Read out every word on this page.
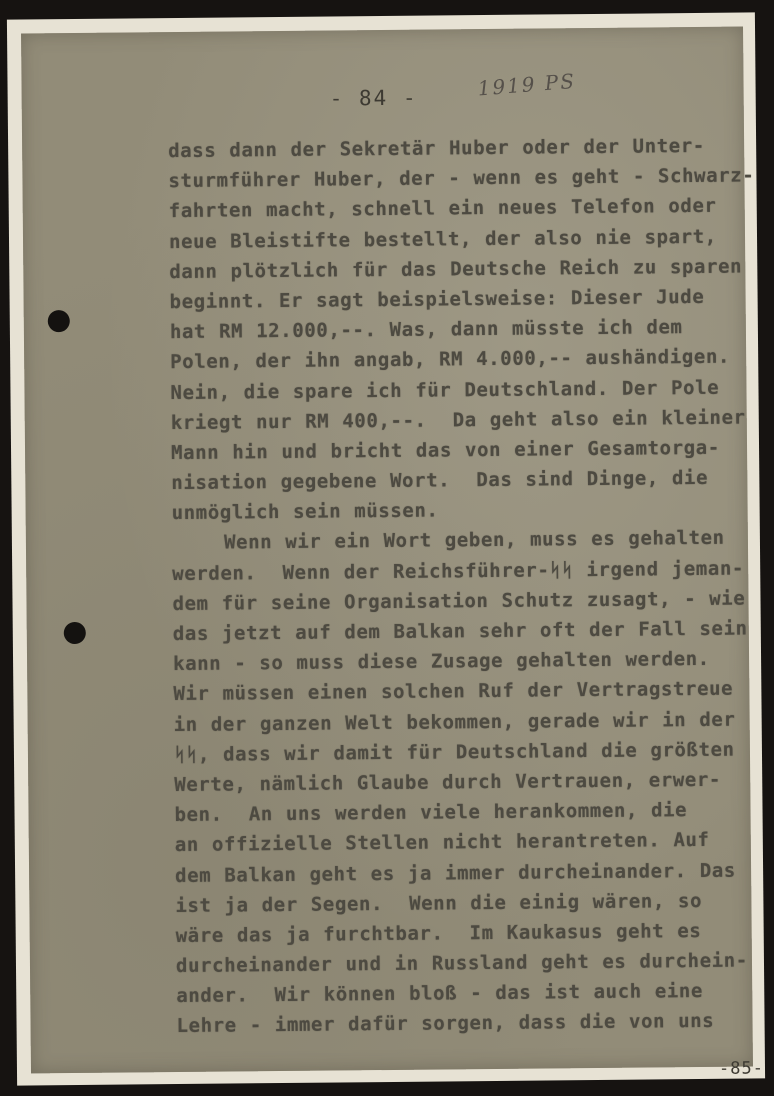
- 84 -	1919 PS
dass dann der Sekretär Huber oder der Unter-
sturmführer Huber, der - wenn es geht - Schwarz-
fahrten macht, schnell ein neues Telefon oder
neue Bleistifte bestellt, der also nie spart,
dann plötzlich für das Deutsche Reich zu sparen
beginnt. Er sagt beispielsweise: Dieser Jude
hat RM 12.000,--. Was, dann müsste ich dem
Polen, der ihn angab, RM 4.000,-- aushändigen.
Nein, die spare ich für Deutschland. Der Pole
kriegt nur RM 400,--.  Da geht also ein kleiner
Mann hin und bricht das von einer Gesamtorga-
nisation gegebene Wort.  Das sind Dinge, die
unmöglich sein müssen.
Wenn wir ein Wort geben, muss es gehalten
werden.  Wenn der Reichsführer-ᛋᛋ irgend jeman-
dem für seine Organisation Schutz zusagt, - wie
das jetzt auf dem Balkan sehr oft der Fall sein
kann - so muss diese Zusage gehalten werden.
Wir müssen einen solchen Ruf der Vertragstreue
in der ganzen Welt bekommen, gerade wir in der
ᛋᛋ, dass wir damit für Deutschland die größten
Werte, nämlich Glaube durch Vertrauen, erwer-
ben.  An uns werden viele herankommen, die
an offizielle Stellen nicht herantreten. Auf
dem Balkan geht es ja immer durcheinander. Das
ist ja der Segen.  Wenn die einig wären, so
wäre das ja furchtbar.  Im Kaukasus geht es
durcheinander und in Russland geht es durchein-
ander.  Wir können bloß - das ist auch eine
Lehre - immer dafür sorgen, dass die von uns
-85-
